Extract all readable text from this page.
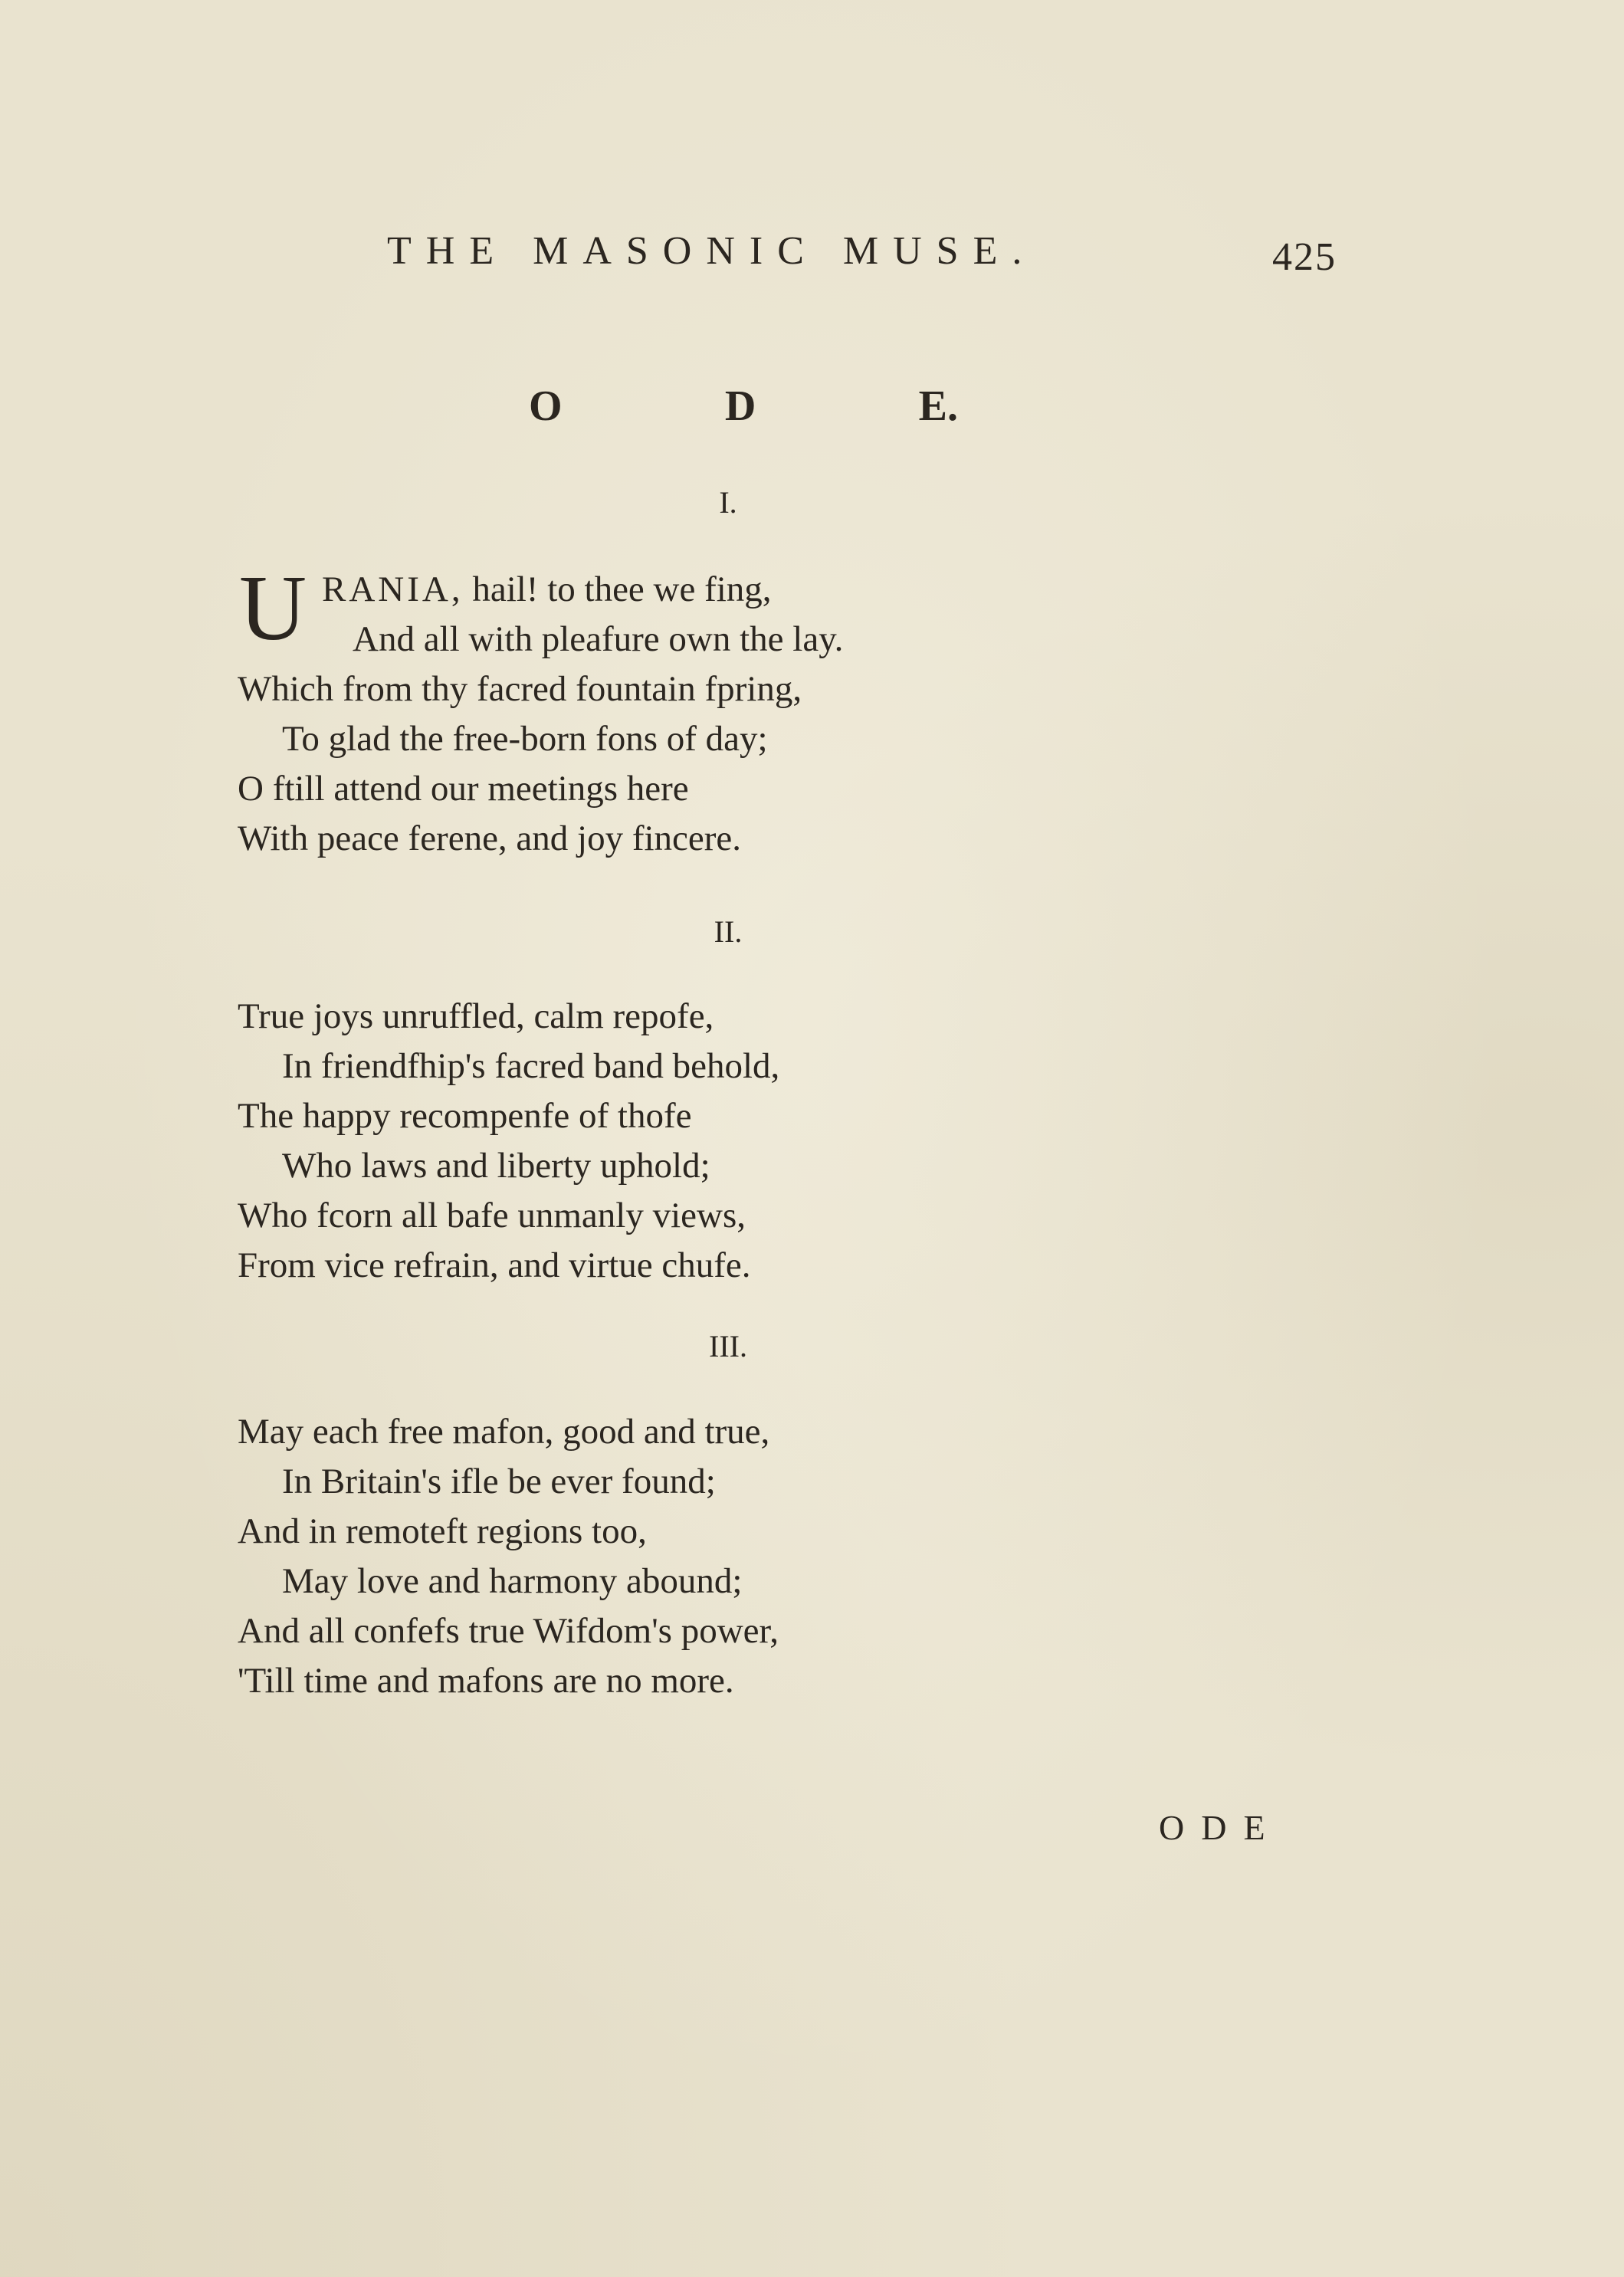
THE MASONIC MUSE.	425
O	D	E.
I.
U RANIA, hail! to thee we fing,
And all with pleafure own the lay.
Which from thy facred fountain fpring,
To glad the free-born fons of day;
O ftill attend our meetings here
With peace ferene, and joy fincere.
II.
True joys unruffled, calm repofe,
In friendfhip's facred band behold,
The happy recompenfe of thofe
Who laws and liberty uphold;
Who fcorn all bafe unmanly views,
From vice refrain, and virtue chufe.
III.
May each free mafon, good and true,
In Britain's ifle be ever found;
And in remoteft regions too,
May love and harmony abound;
And all confefs true Wifdom's power,
'Till time and mafons are no more.
ODE
